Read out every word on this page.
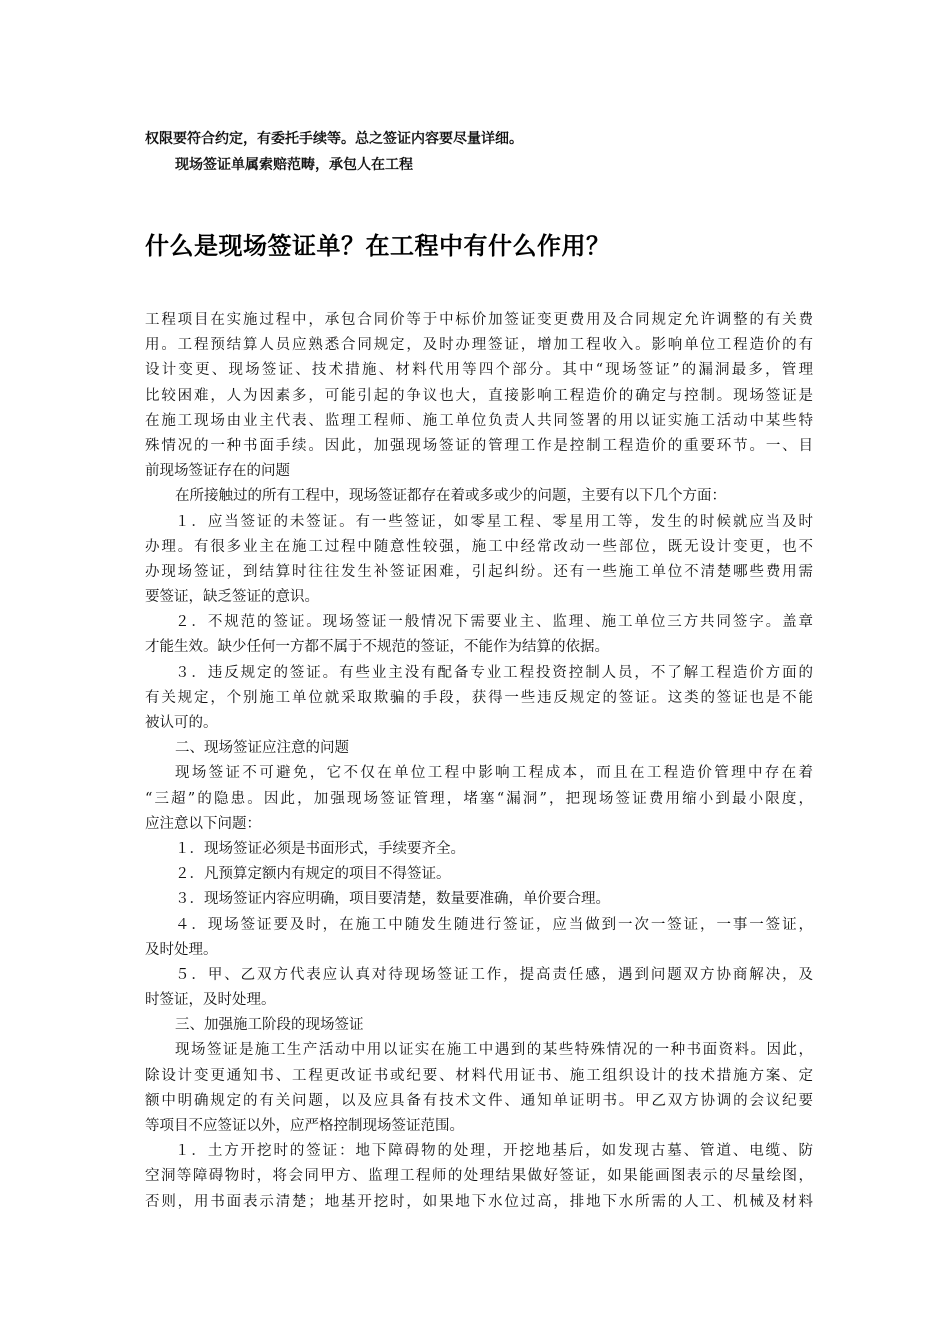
权限要符合约定，有委托手续等。总之签证内容要尽量详细。
现场签证单属索赔范畴，承包人在工程
什么是现场签证单？在工程中有什么作用？
工程项目在实施过程中，承包合同价等于中标价加签证变更费用及合同规定允许调整的有关费
用。工程预结算人员应熟悉合同规定，及时办理签证，增加工程收入。影响单位工程造价的有
设计变更、现场签证、技术措施、材料代用等四个部分。其中“现场签证”的漏洞最多，管理
比较困难，人为因素多，可能引起的争议也大，直接影响工程造价的确定与控制。现场签证是
在施工现场由业主代表、监理工程师、施工单位负责人共同签署的用以证实施工活动中某些特
殊情况的一种书面手续。因此，加强现场签证的管理工作是控制工程造价的重要环节。一、目
前现场签证存在的问题
在所接触过的所有工程中，现场签证都存在着或多或少的问题，主要有以下几个方面：
１．应当签证的未签证。有一些签证，如零星工程、零星用工等，发生的时候就应当及时
办理。有很多业主在施工过程中随意性较强，施工中经常改动一些部位，既无设计变更，也不
办现场签证，到结算时往往发生补签证困难，引起纠纷。还有一些施工单位不清楚哪些费用需
要签证，缺乏签证的意识。
２．不规范的签证。现场签证一般情况下需要业主、监理、施工单位三方共同签字。盖章
才能生效。缺少任何一方都不属于不规范的签证，不能作为结算的依据。
３．违反规定的签证。有些业主没有配备专业工程投资控制人员，不了解工程造价方面的
有关规定，个别施工单位就采取欺骗的手段，获得一些违反规定的签证。这类的签证也是不能
被认可的。
二、现场签证应注意的问题
现场签证不可避免，它不仅在单位工程中影响工程成本，而且在工程造价管理中存在着
“三超”的隐患。因此，加强现场签证管理，堵塞“漏洞”，把现场签证费用缩小到最小限度，
应注意以下问题：
１．现场签证必须是书面形式，手续要齐全。
２．凡预算定额内有规定的项目不得签证。
３．现场签证内容应明确，项目要清楚，数量要准确，单价要合理。
４．现场签证要及时，在施工中随发生随进行签证，应当做到一次一签证，一事一签证，
及时处理。
５．甲、乙双方代表应认真对待现场签证工作，提高责任感，遇到问题双方协商解决，及
时签证，及时处理。
三、加强施工阶段的现场签证
现场签证是施工生产活动中用以证实在施工中遇到的某些特殊情况的一种书面资料。因此，
除设计变更通知书、工程更改证书或纪要、材料代用证书、施工组织设计的技术措施方案、定
额中明确规定的有关问题，以及应具备有技术文件、通知单证明书。甲乙双方协调的会议纪要
等项目不应签证以外，应严格控制现场签证范围。
１．土方开挖时的签证：地下障碍物的处理，开挖地基后，如发现古墓、管道、电缆、防
空洞等障碍物时，将会同甲方、监理工程师的处理结果做好签证，如果能画图表示的尽量绘图，
否则，用书面表示清楚；地基开挖时，如果地下水位过高，排地下水所需的人工、机械及材料
